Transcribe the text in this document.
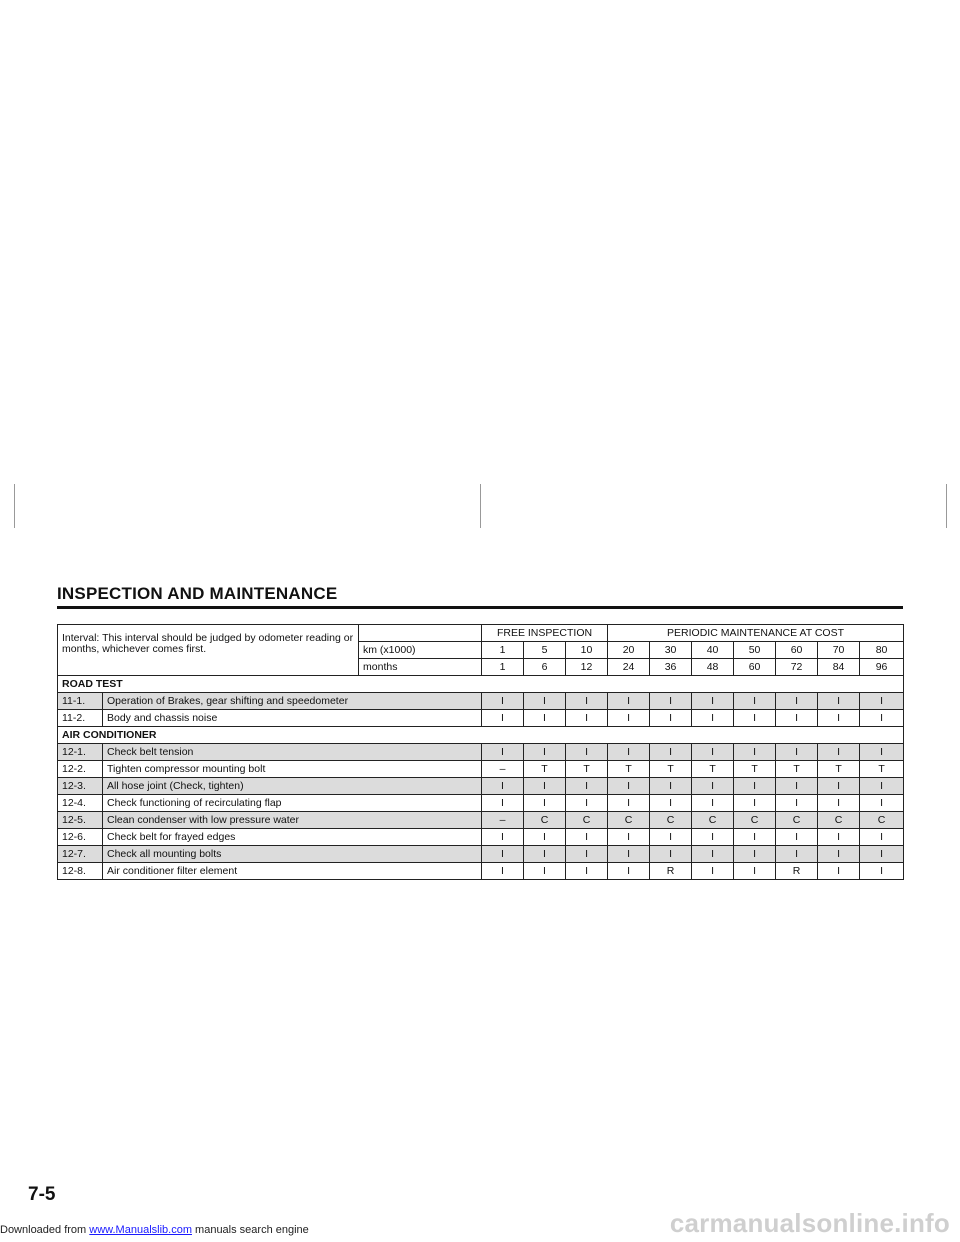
INSPECTION AND MAINTENANCE
Interval: This interval should be judged by odometer reading or months, whichever comes first.			FREE INSPECTION			PERIODIC MAINTENANCE AT COST						
		km (x1000)	1	5	10	20	30	40	50	60	70	80
		months	1	6	12	24	36	48	60	72	84	96
ROAD TEST												
11-1.	Operation of Brakes, gear shifting and speedometer		I	I	I	I	I	I	I	I	I	I
11-2.	Body and chassis noise		I	I	I	I	I	I	I	I	I	I
AIR CONDITIONER												
12-1.	Check belt tension		I	I	I	I	I	I	I	I	I	I
12-2.	Tighten compressor mounting bolt		–	T	T	T	T	T	T	T	T	T
12-3.	All hose joint (Check, tighten)		I	I	I	I	I	I	I	I	I	I
12-4.	Check functioning of recirculating flap		I	I	I	I	I	I	I	I	I	I
12-5.	Clean condenser with low pressure water		–	C	C	C	C	C	C	C	C	C
12-6.	Check belt for frayed edges		I	I	I	I	I	I	I	I	I	I
12-7.	Check all mounting bolts		I	I	I	I	I	I	I	I	I	I
12-8.	Air conditioner filter element		I	I	I	I	R	I	I	R	I	I
7-5
Downloaded from www.Manualslib.com manuals search engine	carmanualsonline.info
